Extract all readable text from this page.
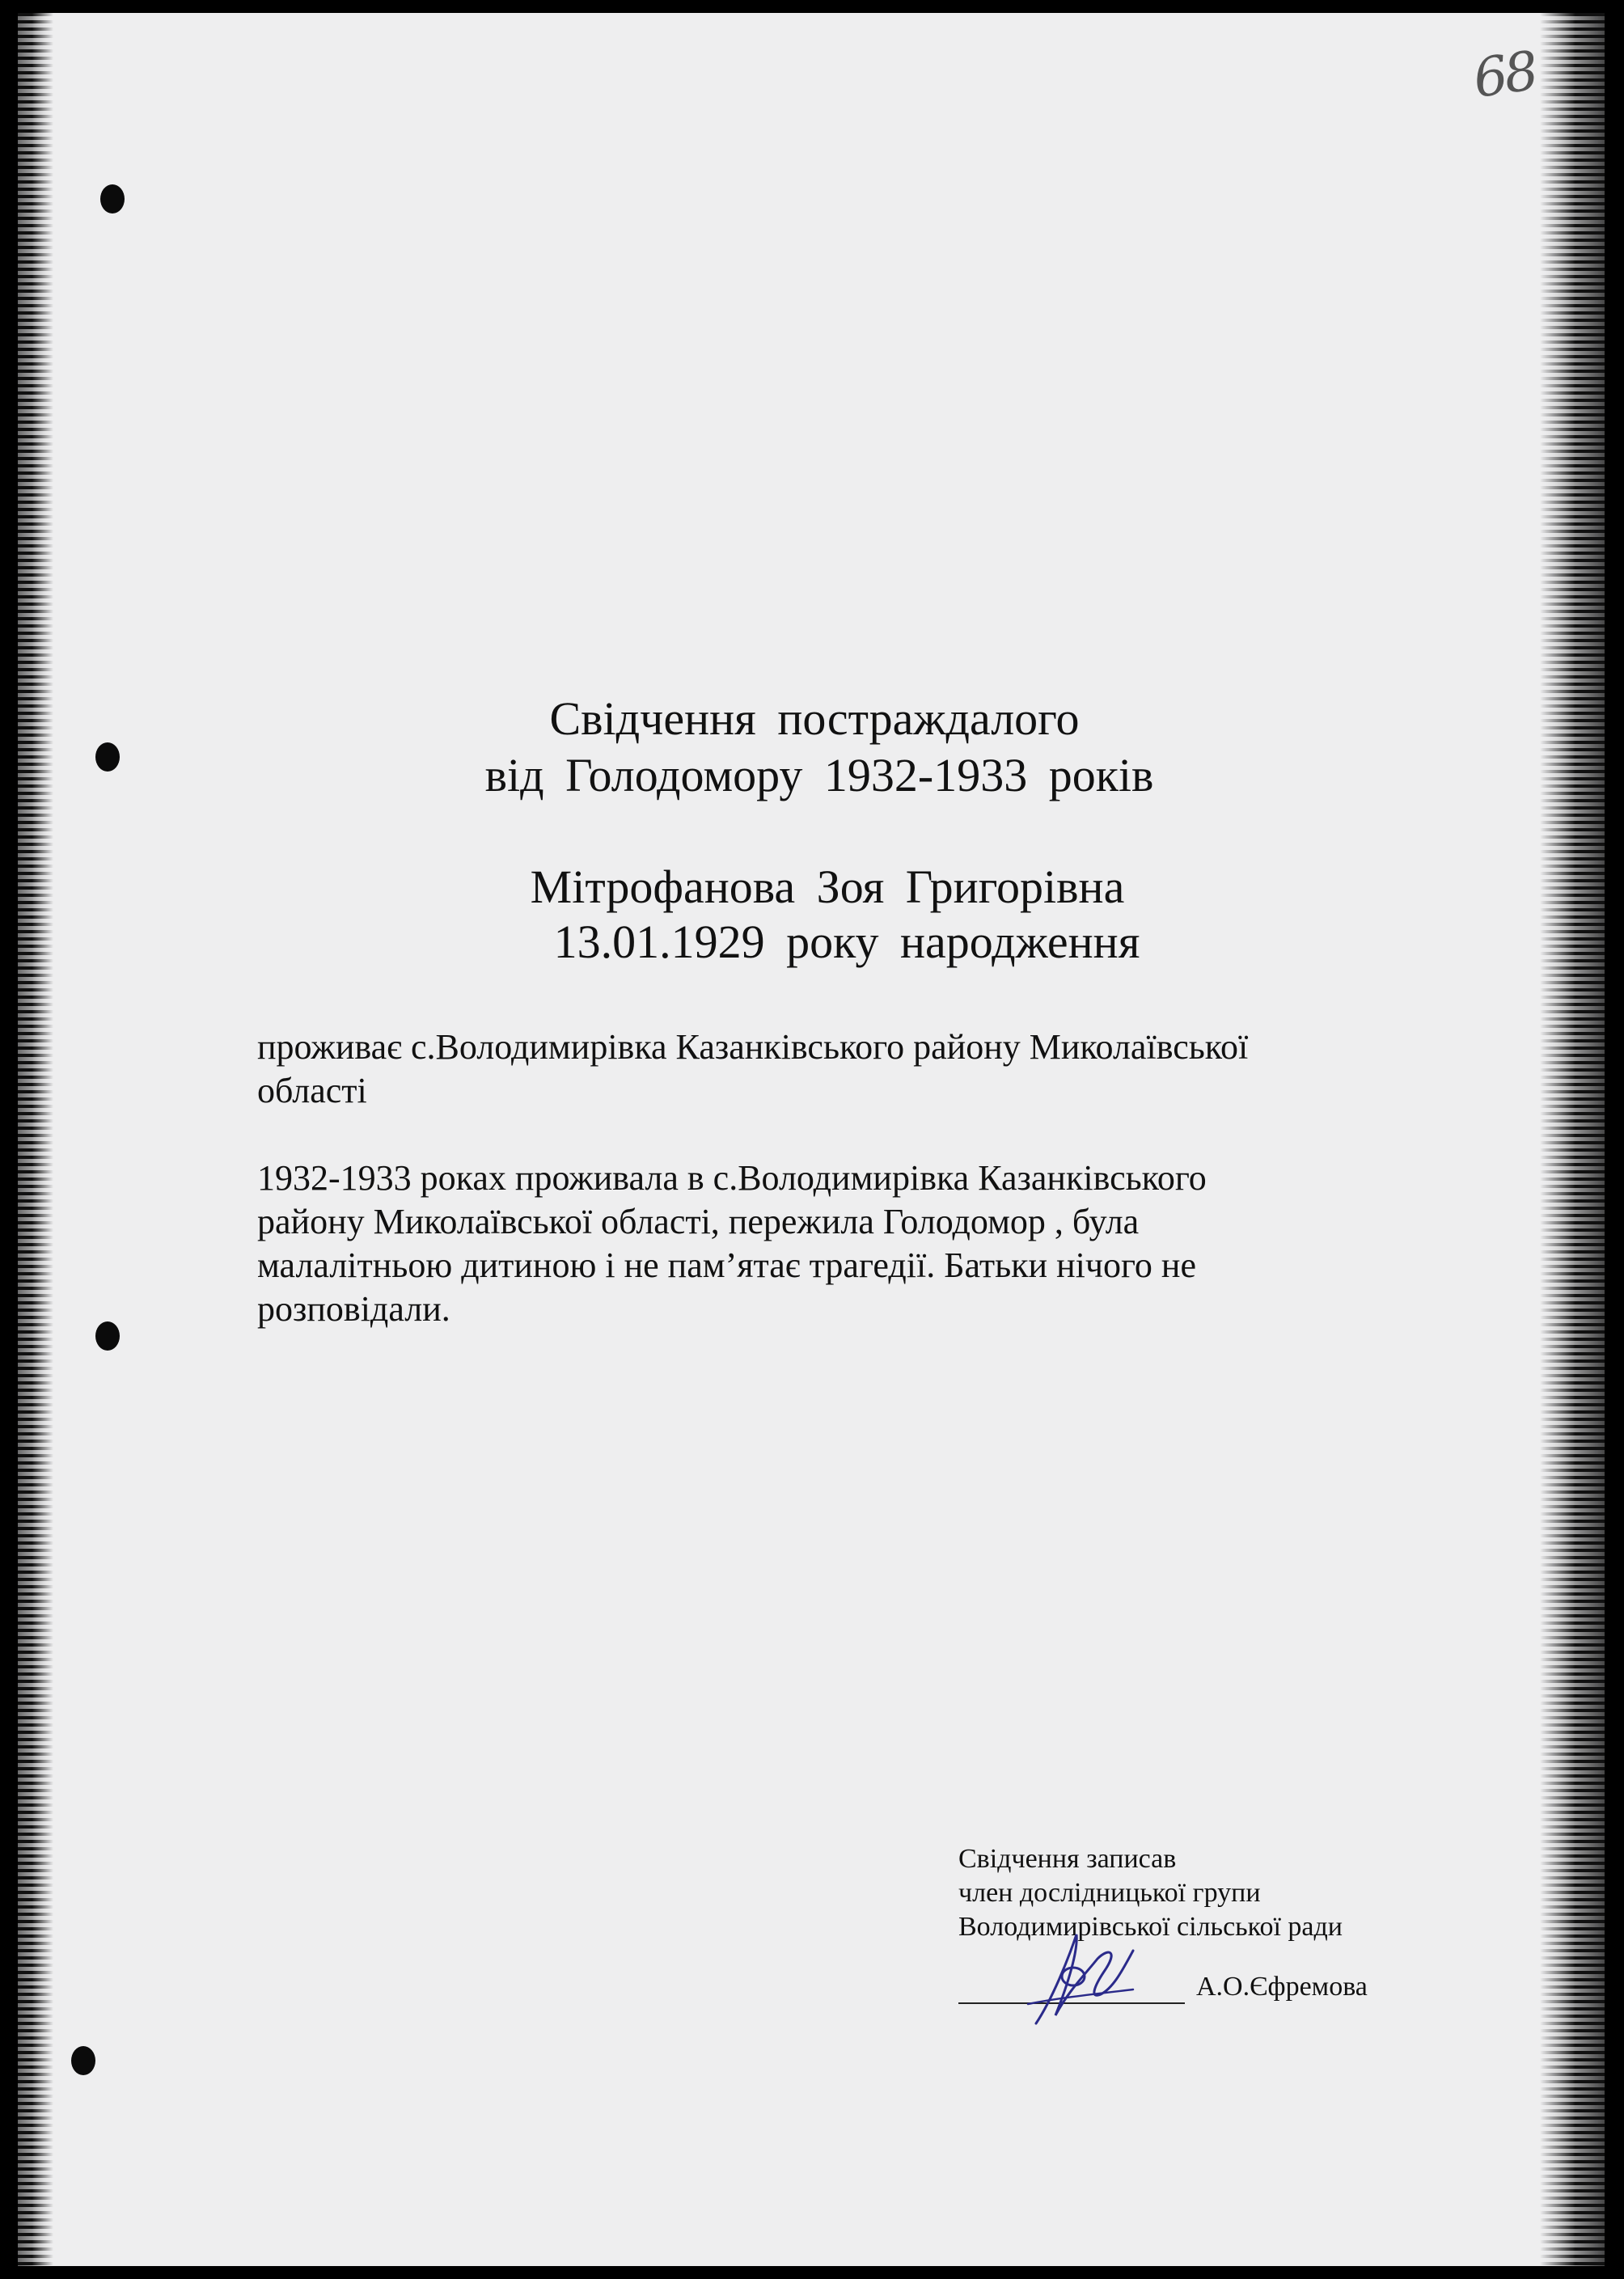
68
Свідчення постраждалого
від Голодомору 1932-1933 років
Мітрофанова Зоя Григорівна
13.01.1929 року народження
проживає с.Володимирівка Казанківського району Миколаївської
області
1932-1933 роках проживала в с.Володимирівка Казанківського
району Миколаївської області, пережила Голодомор , була
малалітньою дитиною і не пам’ятає трагедії. Батьки нічого не
розповідали.
Свідчення записав
член дослідницької групи
Володимирівської сільської ради
А.О.Єфремова
